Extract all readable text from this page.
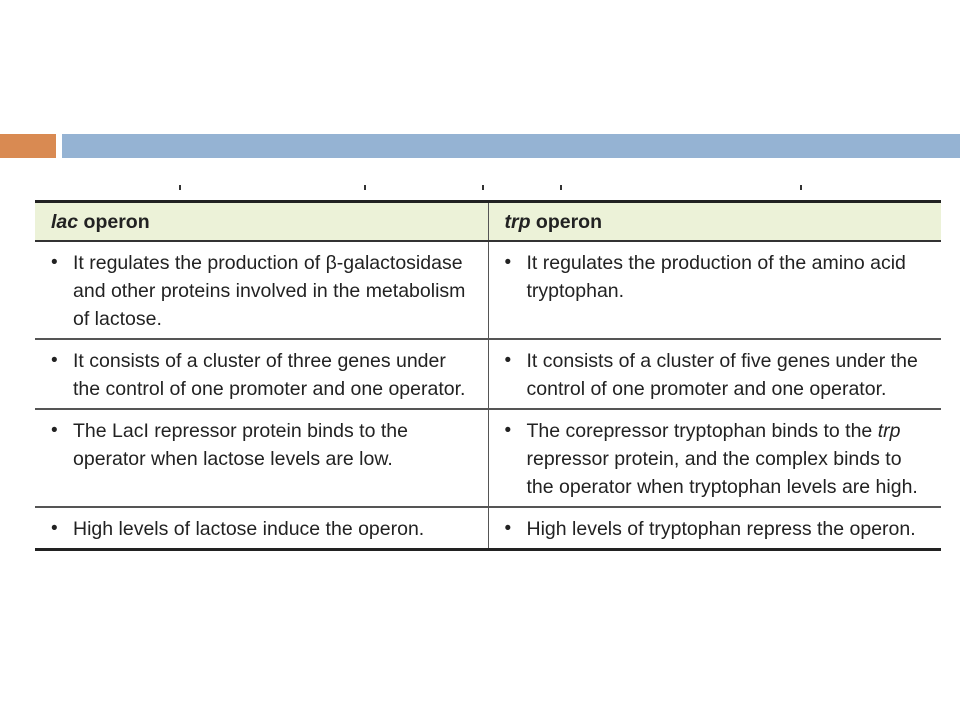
lac operon	trp operon

• It regulates the production of β-galactosidase and other proteins involved in the metabolism of lactose.	• It regulates the production of the amino acid tryptophan.

• It consists of a cluster of three genes under the control of one promoter and one operator.	• It consists of a cluster of five genes under the control of one promoter and one operator.

• The LacI repressor protein binds to the operator when lactose levels are low.	• The corepressor tryptophan binds to the trp repressor protein, and the complex binds to the operator when tryptophan levels are high.

• High levels of lactose induce the operon.	• High levels of tryptophan repress the operon.
